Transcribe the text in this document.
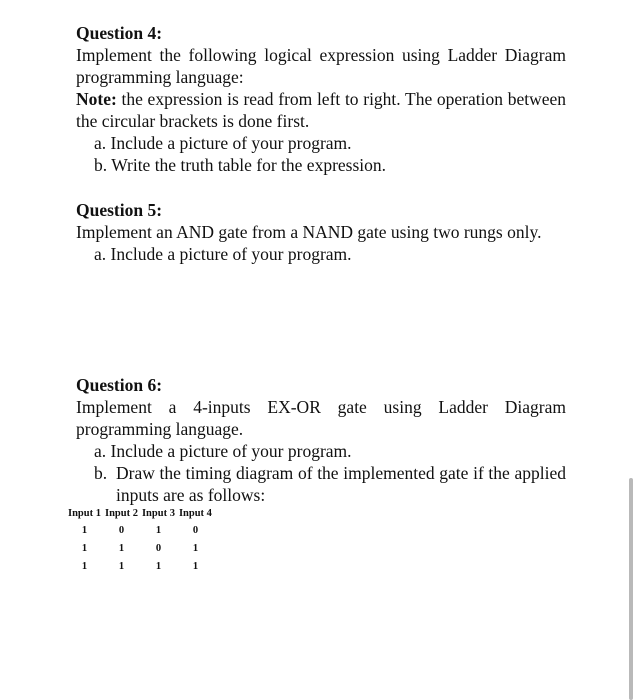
Question 4:
Implement the following logical expression using Ladder Diagram programming language:
Note: the expression is read from left to right. The operation between the circular brackets is done first.
a. Include a picture of your program.
b. Write the truth table for the expression.
Question 5:
Implement an AND gate from a NAND gate using two rungs only.
a. Include a picture of your program.
Question 6:
Implement a 4-inputs EX-OR gate using Ladder Diagram programming language.
a. Include a picture of your program.
b. Draw the timing diagram of the implemented gate if the applied inputs are as follows:
Input 1	Input 2	Input 3	Input 4
1	0	1	0
1	1	0	1
1	1	1	1
